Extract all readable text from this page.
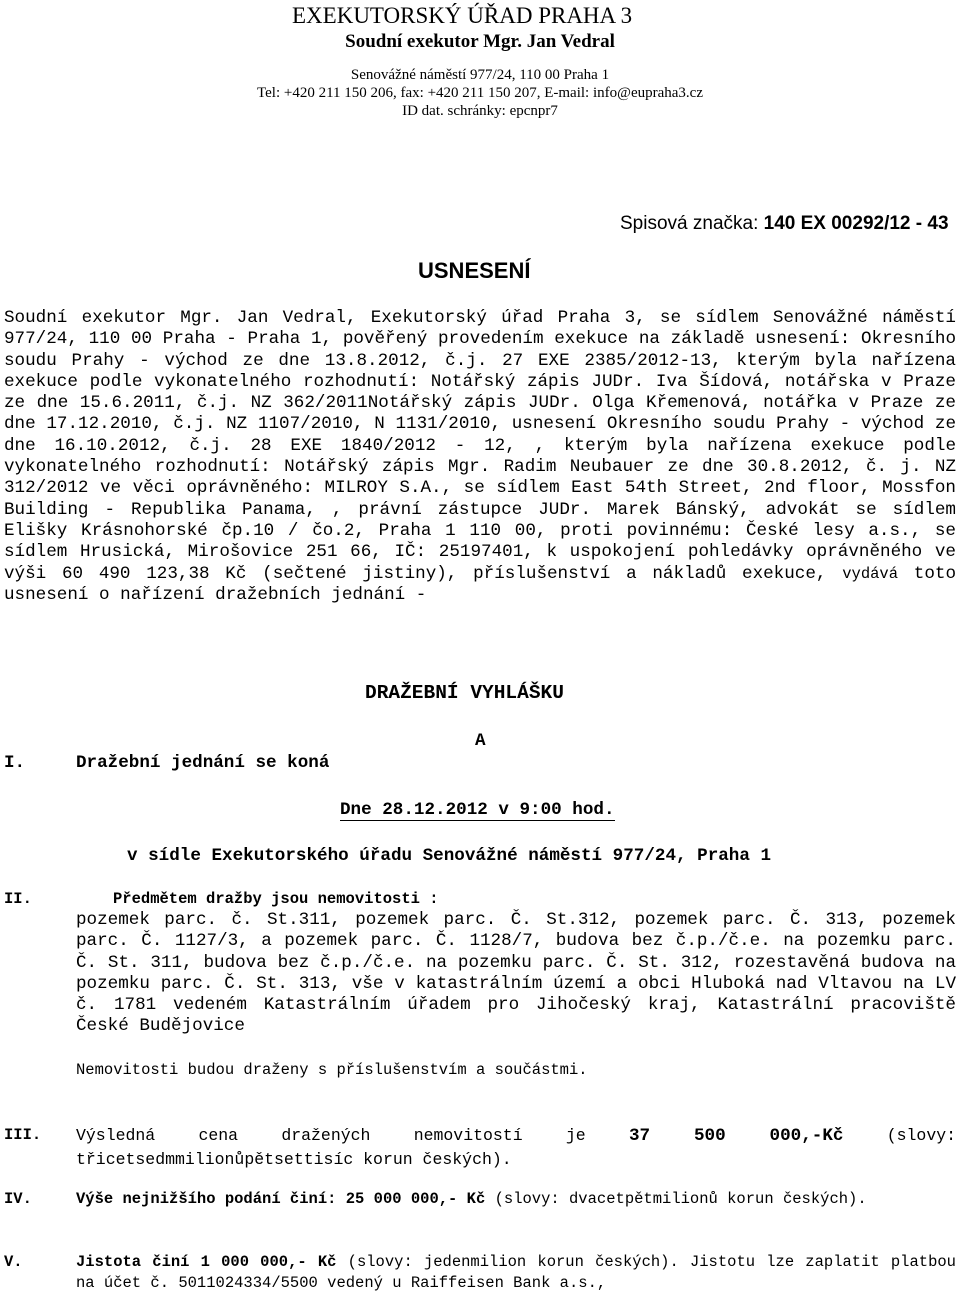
EXEKUTORSKÝ ÚŘAD PRAHA 3
Soudní exekutor Mgr. Jan Vedral
Senovážné náměstí 977/24, 110 00 Praha 1
Tel: +420 211 150 206, fax: +420 211 150 207, E-mail: info@eupraha3.cz
ID dat. schránky: epcnpr7
Spisová značka: 140 EX 00292/12 - 43
USNESENÍ
Soudní exekutor Mgr. Jan Vedral, Exekutorský úřad Praha 3, se sídlem Senovážné náměstí 977/24, 110 00 Praha - Praha 1, pověřený provedením exekuce na základě usnesení: Okresního soudu Prahy - východ ze dne 13.8.2012, č.j. 27 EXE 2385/2012-13, kterým byla nařízena exekuce podle vykonatelného rozhodnutí: Notářský zápis JUDr. Iva Šídová, notářska v Praze ze dne 15.6.2011, č.j. NZ 362/2011Notářský zápis JUDr. Olga Křemenová, notářka v Praze ze dne 17.12.2010, č.j. NZ 1107/2010, N 1131/2010, usnesení Okresního soudu Prahy - východ ze dne 16.10.2012, č.j. 28 EXE 1840/2012 - 12, , kterým byla nařízena exekuce podle vykonatelného rozhodnutí: Notářský zápis Mgr. Radim Neubauer ze dne 30.8.2012, č. j. NZ 312/2012 ve věci oprávněného: MILROY S.A., se sídlem East 54th Street, 2nd floor, Mossfon Building - Republika Panama, , právní zástupce JUDr. Marek Bánský, advokát se sídlem Elišky Krásnohorské čp.10 / čo.2, Praha 1 110 00, proti povinnému: České lesy a.s., se sídlem Hrusická, Mirošovice 251 66, IČ: 25197401, k uspokojení pohledávky oprávněného ve výši 60 490 123,38 Kč (sečtené jistiny), příslušenství a nákladů exekuce, vydává toto usnesení o nařízení dražebních jednání -
DRAŽEBNÍ VYHLÁŠKU
A
I.	Dražební jednání se koná
Dne 28.12.2012 v 9:00 hod.
v sídle Exekutorského úřadu Senovážné náměstí 977/24, Praha 1
II.	Předmětem dražby jsou nemovitosti :
pozemek parc. č. St.311, pozemek parc. Č. St.312, pozemek parc. Č. 313, pozemek parc. Č. 1127/3, a pozemek parc. Č. 1128/7, budova bez č.p./č.e. na pozemku parc. Č. St. 311, budova bez č.p./č.e. na pozemku parc. Č. St. 312, rozestavěná budova na pozemku parc. Č. St. 313, vše v katastrálním území a obci Hluboká nad Vltavou na LV č. 1781 vedeném Katastrálním úřadem pro Jihočeský kraj, Katastrální pracoviště České Budějovice
Nemovitosti budou draženy s příslušenstvím a součástmi.
III. Výsledná cena dražených nemovitostí je 37 500 000,-Kč	(slovy: třicetsedmmilionůpětsettisíc korun českých).
IV.	Výše nejnižšího podání činí: 25 000 000,- Kč (slovy: dvacetpětmilionů korun českých).
V.	Jistota činí 1 000 000,- Kč (slovy: jedenmilion korun českých). Jistotu lze zaplatit platbou na účet č. 5011024334/5500 vedený u Raiffeisen Bank a.s.,
